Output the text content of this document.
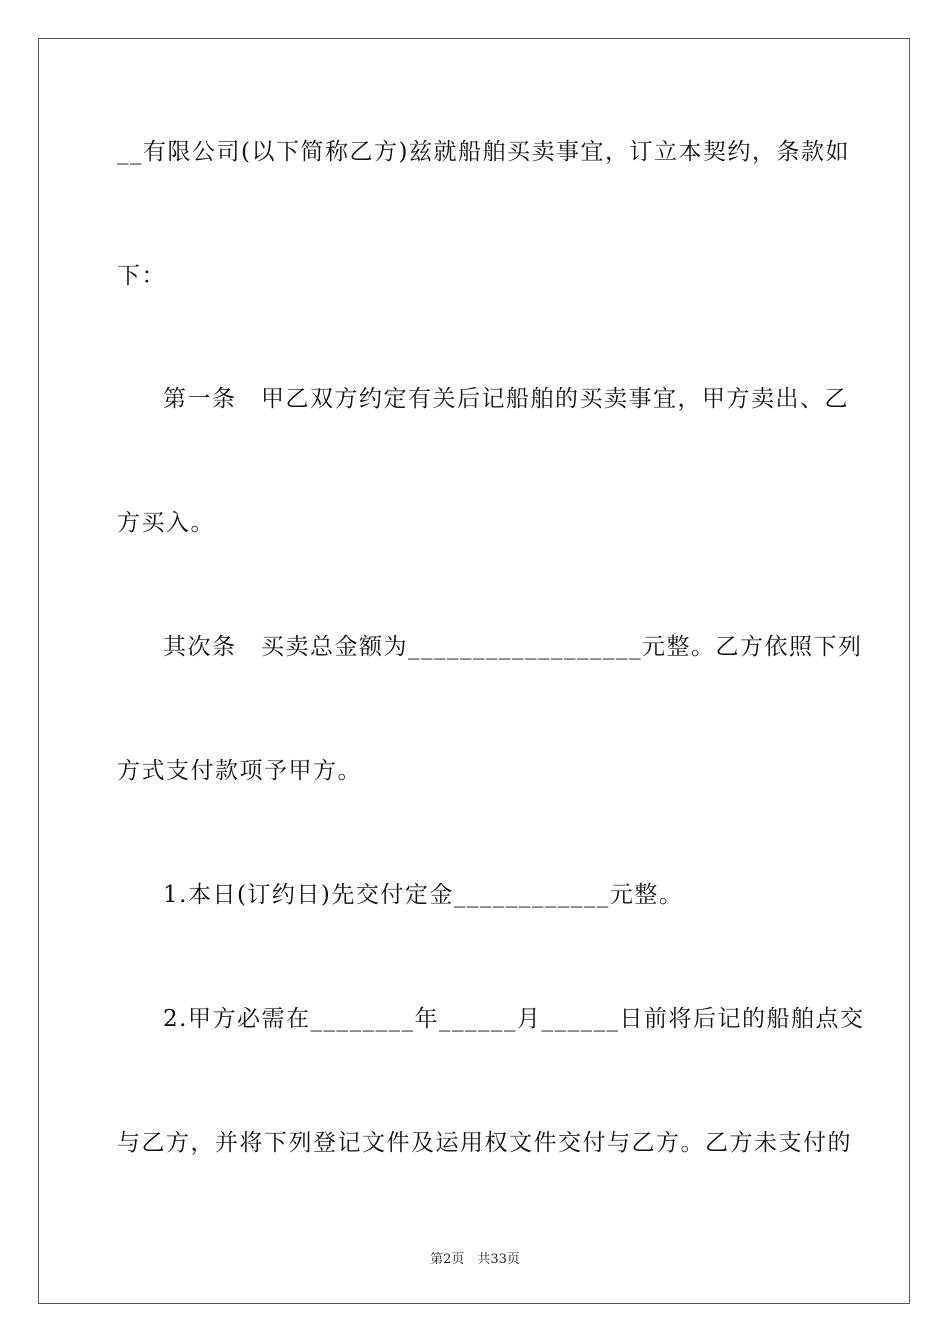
__有限公司(以下简称乙方)兹就船舶买卖事宜，订立本契约，条款如
下：
第一条　甲乙双方约定有关后记船舶的买卖事宜，甲方卖出、乙
方买入。
其次条　买卖总金额为__________________元整。乙方依照下列
方式支付款项予甲方。
1.本日(订约日)先交付定金____________元整。
2.甲方必需在________年______月______日前将后记的船舶点交
与乙方，并将下列登记文件及运用权文件交付与乙方。乙方未支付的
第2页　共33页
